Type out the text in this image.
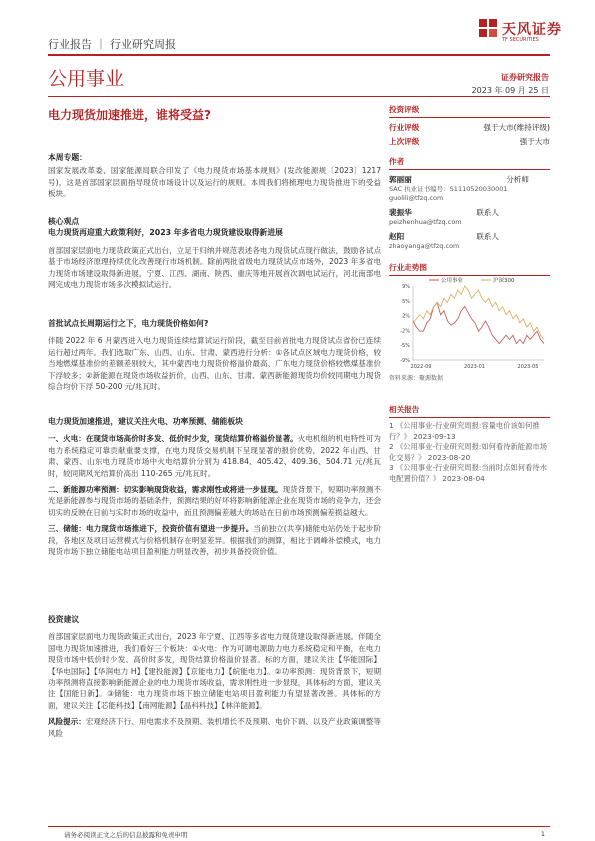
天风证券
TF SECURITIES
行业报告 ｜ 行业研究周报
公用事业	证券研究报告
2023 年 09 月 25 日
电力现货加速推进，谁将受益?	投资评级
行业评级	强于大市(维持评级)
上次评级	强于大市
作者
郭丽丽	分析师
SAC 执业证书编号：S1110520030001
guolili@tfzq.com
裴振华	联系人
peizhenhua@tfzq.com
赵阳	联系人
zhaoyanga@tfzq.com
行业走势图
9%
5%
2%
-2%
-5%
-9%
2022-09	2023-01	2023-05
公用事业	沪深300
资料来源：聚源数据
相关报告
1 《公用事业-行业研究周报:容量电价该如何推行？》 2023-09-13
2 《公用事业-行业研究周报:如何看待新能源市场化交易？》 2023-08-20
3 《公用事业-行业研究周报:当前时点如何看待水电配置价值？》 2023-08-04
本周专题：
国家发展改革委、国家能源局联合印发了《电力现货市场基本规则》(发改能源规〔2023〕1217 号)，这是首部国家层面指导现货市场设计以及运行的规则。本周我们将梳理电力现货推进下的受益板块。
核心观点
电力现货再迎重大政策利好，2023 年多省电力现货建设取得新进展
首部国家层面电力现货政策正式出台，立足于归纳并规范表述各电力现货试点现行做法，鼓励各试点基于市场经济原理持续优化改善现行市场机制。除前两批省级电力现货试点市场外，2023 年多省电力现货市场建设取得新进展，宁夏、江西、湖南、陕西、重庆等地开展首次调电试运行，河北南部电网完成电力现货市场多次模拟试运行。
首批试点长周期运行之下，电力现货价格如何?
伴随 2022 年 6 月蒙西进入电力现货连续结算试运行阶段，截至目前首批电力现货试点省份已连续运行超过两年。我们选取广东、山西、山东、甘肃、蒙西进行分析：①各试点区域电力现货价格，较当地燃煤基准价的差额差别较大，其中蒙西电力现货价格溢价最高、广东电力现货价格较燃煤基准价下浮较多；②新能源在现货市场收益折价，山西、山东、甘肃、蒙西新能源现货均价较同期电力现货综合均价下浮 50-200 元/兆瓦时。
电力现货加速推进，建议关注火电、功率预测、储能板块
一、火电：在现货市场高价时多发、低价时少发，现货结算价格溢价显著。火电机组的机电特性可为电力系统稳定可靠贡献重要支撑，在电力现货交易机制下呈现显著的报价优势，2022 年山西、甘肃、蒙西、山东电力现货市场中火电结算价分别为 418.84、405.42、409.36、504.71 元/兆瓦时，较同期风光结算价高出 110-265 元/兆瓦时。
二、新能源功率预测：切实影响现货收益，需求刚性或将进一步显现。现货背景下，短期功率预测不光是新能源参与现货市场的基础条件，预测结果的好坏将影响新能源企业在现货市场的竞争力，还会切实的反映在日前与实时市场的收益中，而且预测偏差越大的场站在日前市场预测偏差损益越大。
三、储能：电力现货市场推进下，投资价值有望进一步提升。当前独立(共享)储能电站仍处于起步阶段，各地区及项目运营模式与价格机制存在明显差异。根据我们的测算，相比于调峰补偿模式，电力现货市场下独立储能电站项目盈利能力明显改善，初步具备投资价值。
投资建议
首部国家层面电力现货政策正式出台，2023 年宁夏、江西等多省电力现货建设取得新进展。伴随全国电力现货加速推进，我们看好三个板块：①火电：作为可调电源助力电力系统稳定和平衡，在电力现货市场中低价时少发、高价时多发，现货结算价格溢价显著。标的方面，建议关注【华能国际】【华电国际】【华润电力 H】【建投能源】【京能电力】【皖能电力】。②功率预测：现货背景下，短期功率预测将直接影响新能源企业的电力现货市场收益，需求刚性进一步显现，具体标的方面，建议关注【国能日新】。③储能：电力现货市场下独立储能电站项目盈利能力有望显著改善。具体标的方面，建议关注【芯能科技】【南网能源】【晶科科技】【林洋能源】。
风险提示：宏观经济下行、用电需求不及预期、装机增长不及预期、电价下调、以及产业政策调整等风险
请务必阅读正文之后的信息披露和免责申明	1
